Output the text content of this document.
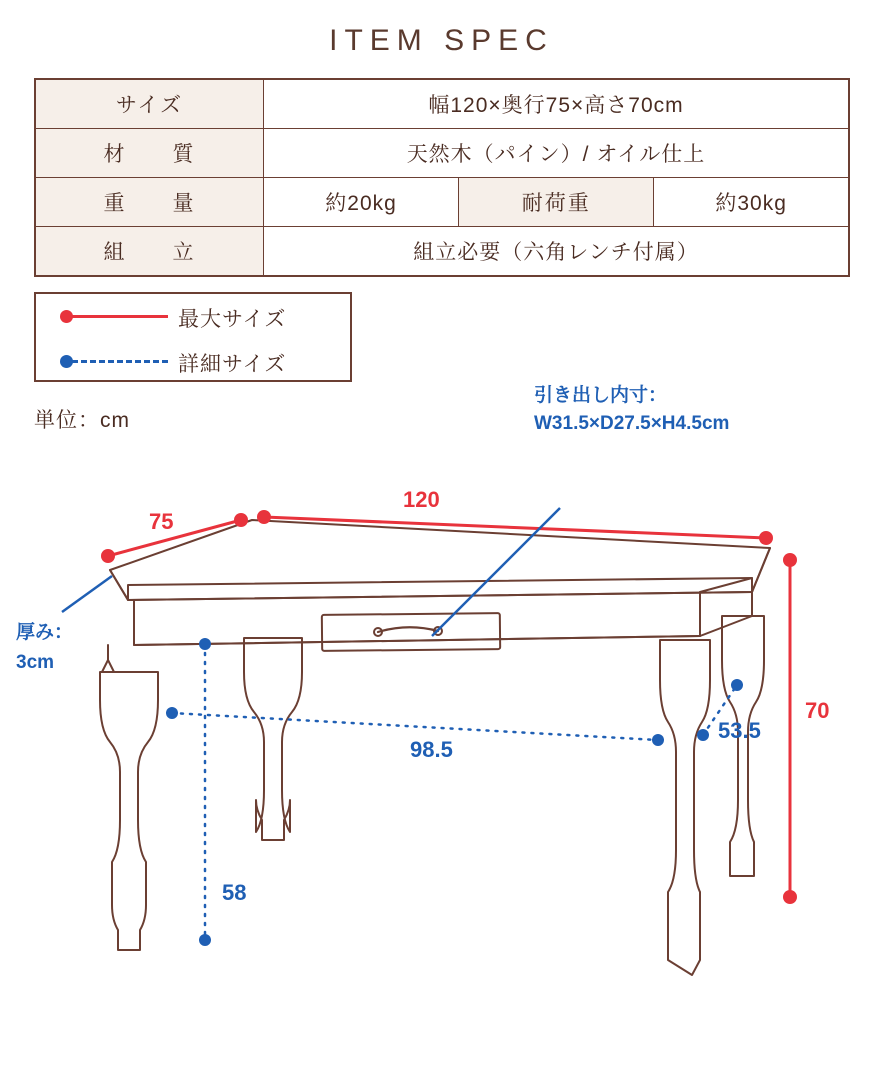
ITEM SPEC
サイズ	幅120×奥行75×高さ70cm		
材　　質	天然木（パイン）/ オイル仕上		
重　　量	約20kg	耐荷重	約30kg
組　　立	組立必要（六角レンチ付属）		
最大サイズ
詳細サイズ
単位：cm
引き出し内寸：
W31.5×D27.5×H4.5cm
厚み：
3cm
120
75
70
98.5
53.5
58
